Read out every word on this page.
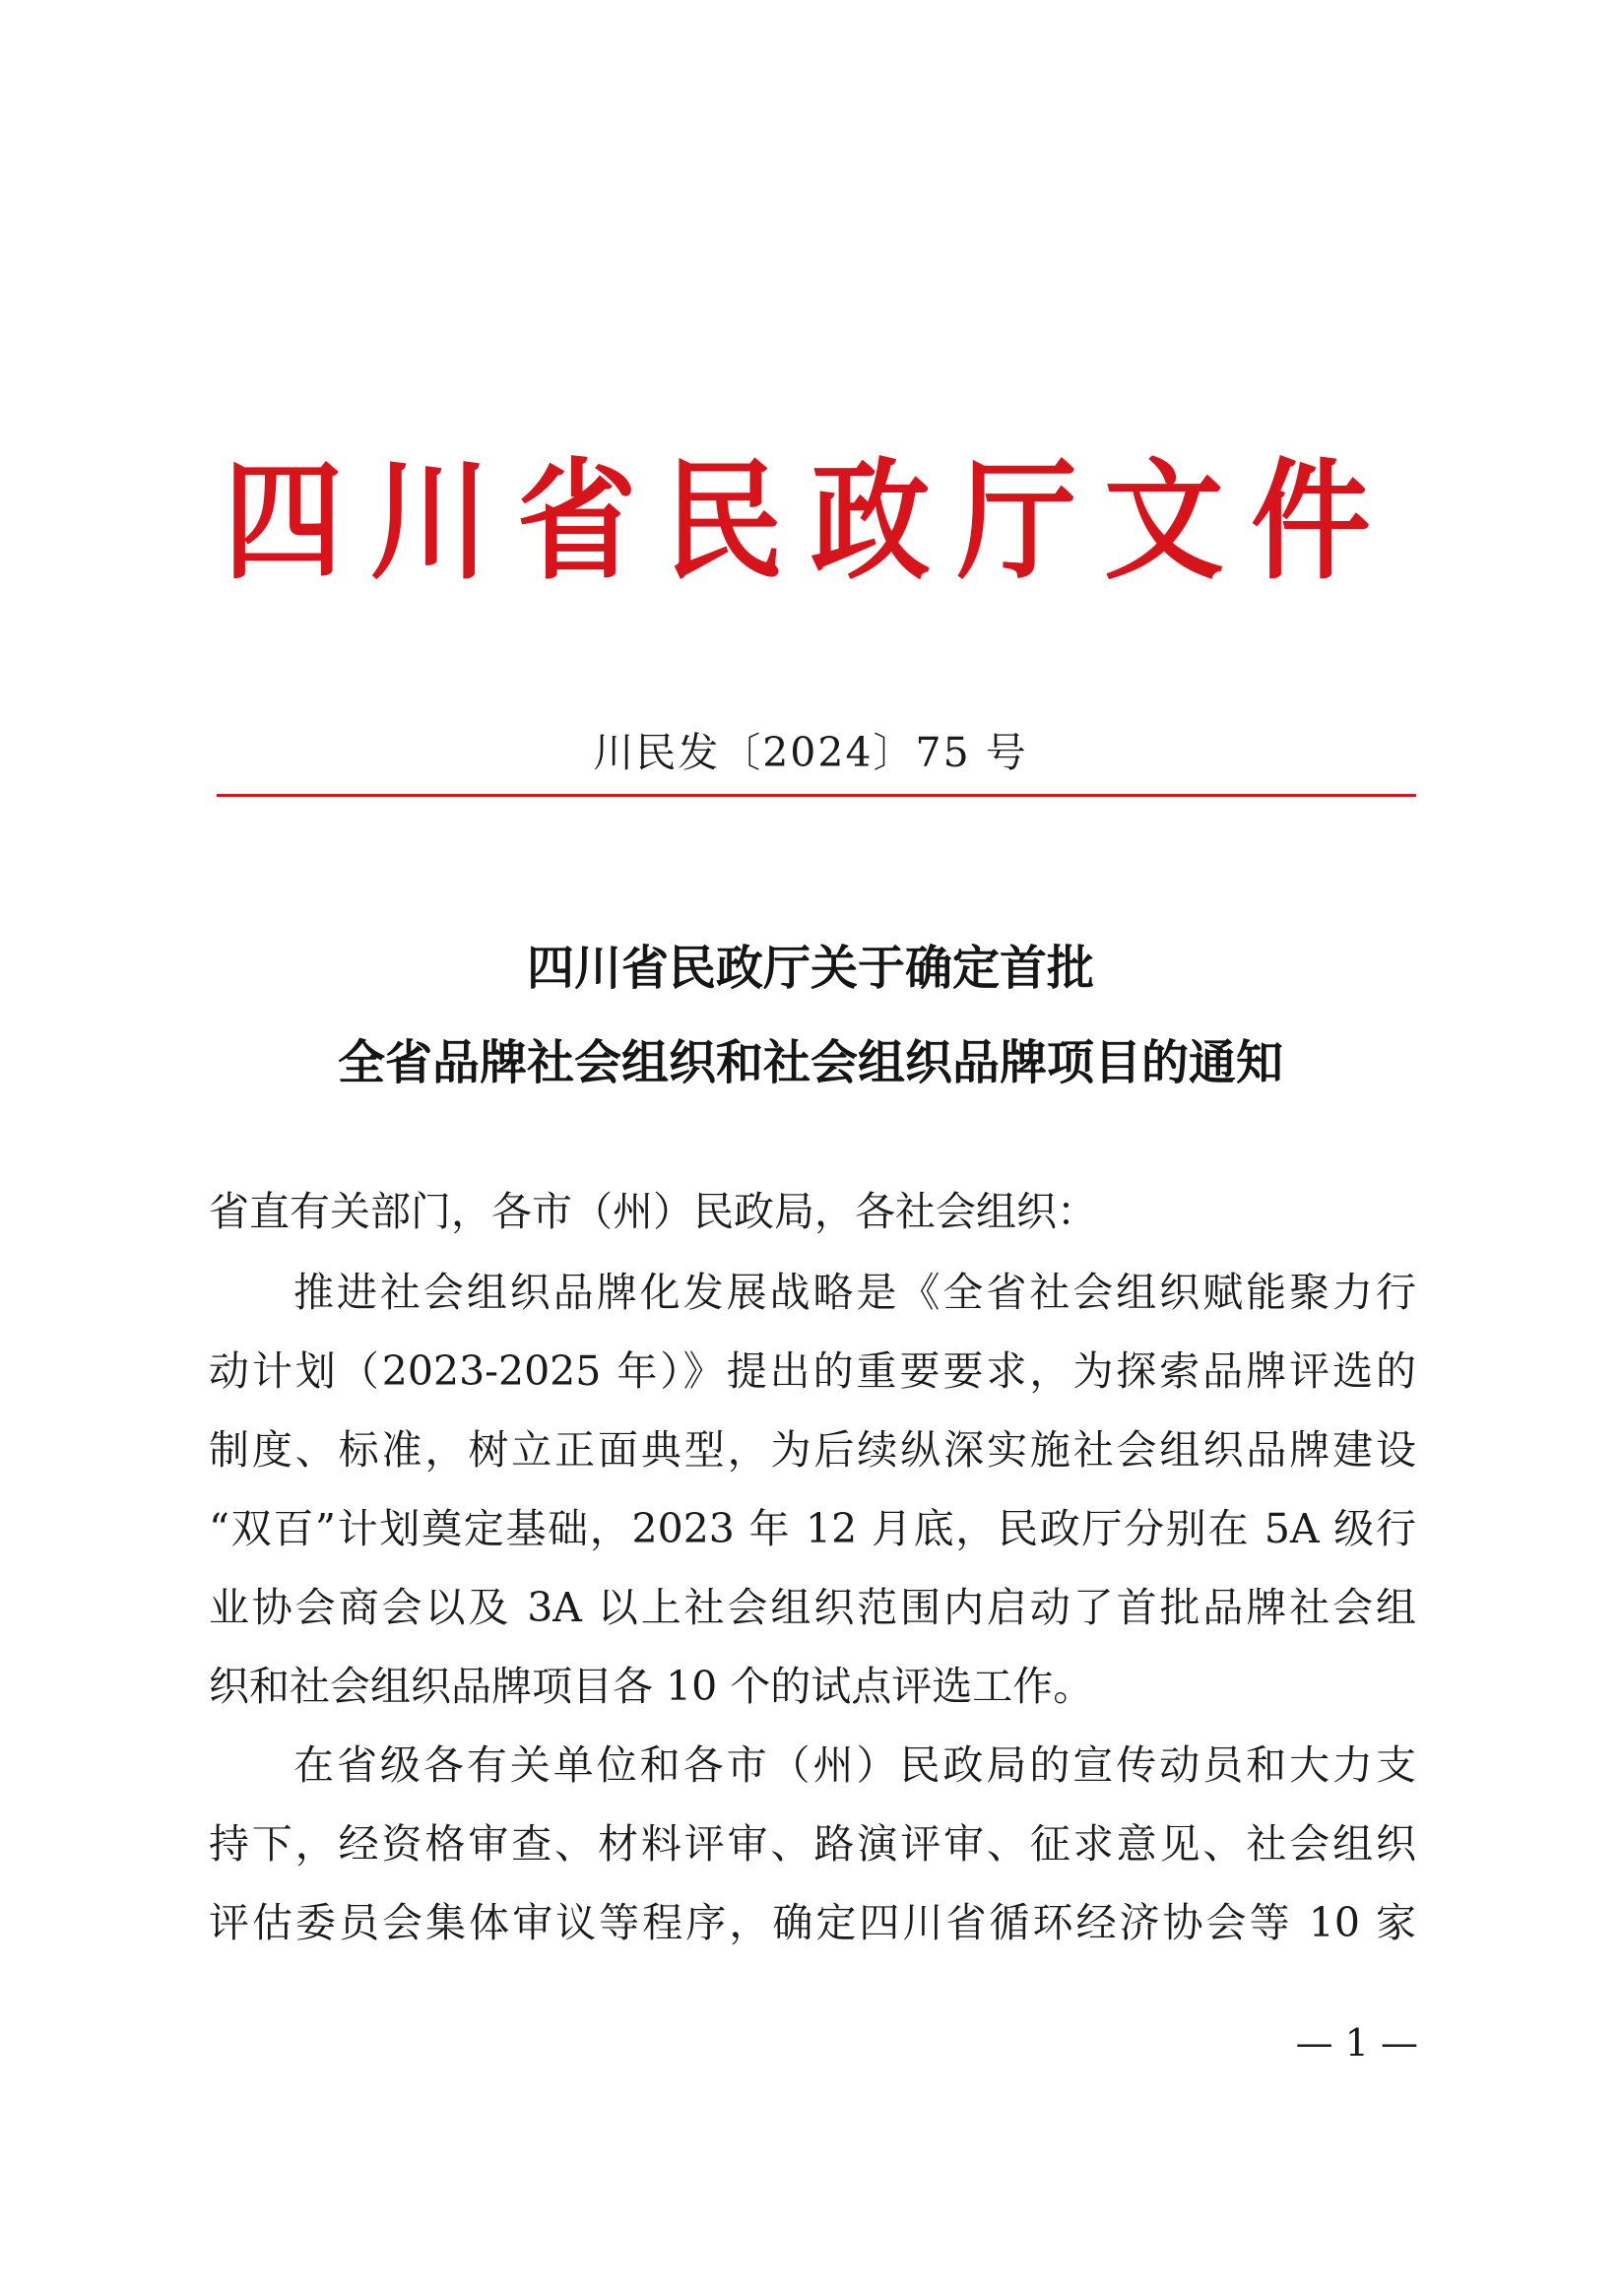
四川省民政厅文件
川民发〔2024〕75 号
四川省民政厅关于确定首批
全省品牌社会组织和社会组织品牌项目的通知
省直有关部门，各市（州）民政局，各社会组织：
推进社会组织品牌化发展战略是《全省社会组织赋能聚力行
动计划（2023-2025 年）》提出的重要要求，为探索品牌评选的
制度、标准，树立正面典型，为后续纵深实施社会组织品牌建设
“双百”计划奠定基础，2023 年 12 月底，民政厅分别在 5A 级行
业协会商会以及 3A 以上社会组织范围内启动了首批品牌社会组
织和社会组织品牌项目各 10 个的试点评选工作。
在省级各有关单位和各市（州）民政局的宣传动员和大力支
持下，经资格审查、材料评审、路演评审、征求意见、社会组织
评估委员会集体审议等程序，确定四川省循环经济协会等 10 家
— 1 —
